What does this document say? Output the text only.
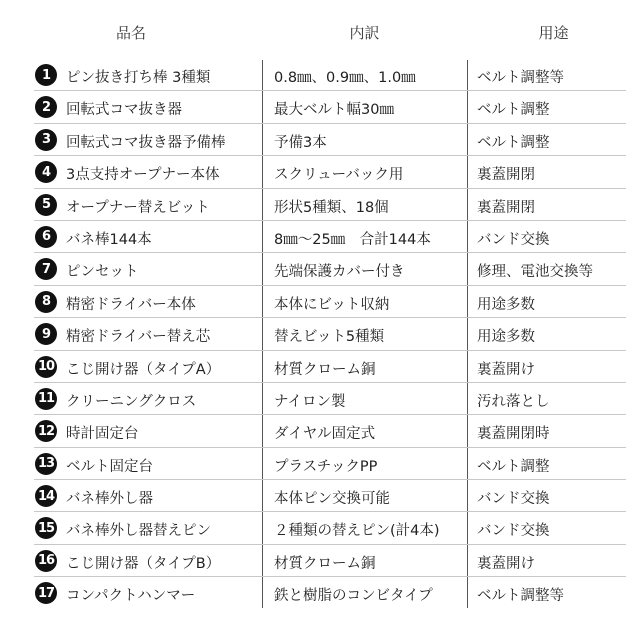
品名	内訳	用途
1	ピン抜き打ち棒 3種類	0.8㎜、0.9㎜、1.0㎜	ベルト調整等
2	回転式コマ抜き器	最大ベルト幅30㎜	ベルト調整
3	回転式コマ抜き器予備棒	予備3本	ベルト調整
4	3点支持オープナー本体	スクリューバック用	裏蓋開閉
5	オープナー替えビット	形状5種類、18個	裏蓋開閉
6	バネ棒144本	8㎜〜25㎜　合計144本	バンド交換
7	ピンセット	先端保護カバー付き	修理、電池交換等
8	精密ドライバー本体	本体にビット収納	用途多数
9	精密ドライバー替え芯	替えビット5種類	用途多数
10 こじ開け器（タイプA）	材質クローム銅	裏蓋開け
11 クリーニングクロス	ナイロン製	汚れ落とし
12 時計固定台	ダイヤル固定式	裏蓋開閉時
13 ベルト固定台	プラスチックPP	ベルト調整
14 バネ棒外し器	本体ピン交換可能	バンド交換
15 バネ棒外し器替えピン	２種類の替えピン(計4本)	バンド交換
16 こじ開け器（タイプB）	材質クローム銅	裏蓋開け
17 コンパクトハンマー	鉄と樹脂のコンビタイプ	ベルト調整等
